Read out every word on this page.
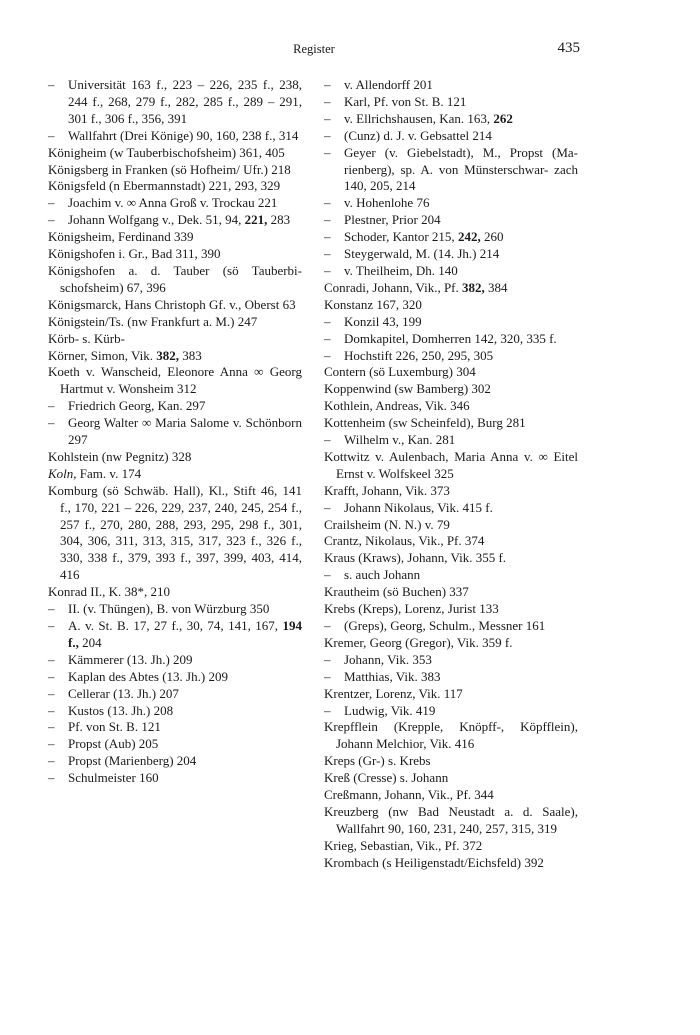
Register	435
–	Universität 163 f., 223 – 226, 235 f., 238, 244 f., 268, 279 f., 282, 285 f., 289 – 291, 301 f., 306 f., 356, 391
–	Wallfahrt (Drei Könige) 90, 160, 238 f., 314
Königheim (w Tauberbischofsheim) 361, 405
Königsberg in Franken (sö Hofheim/ Ufr.) 218
Königsfeld (n Ebermannstadt) 221, 293, 329
–	Joachim v. ∞ Anna Groß v. Trockau 221
–	Johann Wolfgang v., Dek. 51, 94, 221, 283
Königsheim, Ferdinand 339
Königshofen i. Gr., Bad 311, 390
Königshofen a. d. Tauber (sö Tauberbi- schofsheim) 67, 396
Königsmarck, Hans Christoph Gf. v., Oberst 63
Königstein/Ts. (nw Frankfurt a. M.) 247
Körb- s. Kürb-
Körner, Simon, Vik. 382, 383
Koeth v. Wanscheid, Eleonore Anna ∞ Georg Hartmut v. Wonsheim 312
–	Friedrich Georg, Kan. 297
–	Georg Walter ∞ Maria Salome v. Schönborn 297
Kohlstein (nw Pegnitz) 328
Koln, Fam. v. 174
Komburg (sö Schwäb. Hall), Kl., Stift 46, 141 f., 170, 221 – 226, 229, 237, 240, 245, 254 f., 257 f., 270, 280, 288, 293, 295, 298 f., 301, 304, 306, 311, 313, 315, 317, 323 f., 326 f., 330, 338 f., 379, 393 f., 397, 399, 403, 414, 416
Konrad II., K. 38*, 210
–	II. (v. Thüngen), B. von Würzburg 350
–	A. v. St. B. 17, 27 f., 30, 74, 141, 167, 194 f., 204
–	Kämmerer (13. Jh.) 209
–	Kaplan des Abtes (13. Jh.) 209
–	Cellerar (13. Jh.) 207
–	Kustos (13. Jh.) 208
–	Pf. von St. B. 121
–	Propst (Aub) 205
–	Propst (Marienberg) 204
–	Schulmeister 160
–	v. Allendorff 201
–	Karl, Pf. von St. B. 121
–	v. Ellrichshausen, Kan. 163, 262
–	(Cunz) d. J. v. Gebsattel 214
–	Geyer (v. Giebelstadt), M., Propst (Ma- rienberg), sp. A. von Münsterschwar- zach 140, 205, 214
–	v. Hohenlohe 76
–	Plestner, Prior 204
–	Schoder, Kantor 215, 242, 260
–	Steygerwald, M. (14. Jh.) 214
–	v. Theilheim, Dh. 140
Conradi, Johann, Vik., Pf. 382, 384
Konstanz 167, 320
–	Konzil 43, 199
–	Domkapitel, Domherren 142, 320, 335 f.
–	Hochstift 226, 250, 295, 305
Contern (sö Luxemburg) 304
Koppenwind (sw Bamberg) 302
Kothlein, Andreas, Vik. 346
Kottenheim (sw Scheinfeld), Burg 281
–	Wilhelm v., Kan. 281
Kottwitz v. Aulenbach, Maria Anna v. ∞ Eitel Ernst v. Wolfskeel 325
Krafft, Johann, Vik. 373
–	Johann Nikolaus, Vik. 415 f.
Crailsheim (N. N.) v. 79
Crantz, Nikolaus, Vik., Pf. 374
Kraus (Kraws), Johann, Vik. 355 f.
–	s. auch Johann
Krautheim (sö Buchen) 337
Krebs (Kreps), Lorenz, Jurist 133
–	(Greps), Georg, Schulm., Messner 161
Kremer, Georg (Gregor), Vik. 359 f.
–	Johann, Vik. 353
–	Matthias, Vik. 383
Krentzer, Lorenz, Vik. 117
–	Ludwig, Vik. 419
Krepfflein (Krepple, Knöpff-, Köpfflein), Johann Melchior, Vik. 416
Kreps (Gr-) s. Krebs
Kreß (Cresse) s. Johann
Creßmann, Johann, Vik., Pf. 344
Kreuzberg (nw Bad Neustadt a. d. Saale), Wallfahrt 90, 160, 231, 240, 257, 315, 319
Krieg, Sebastian, Vik., Pf. 372
Krombach (s Heiligenstadt/Eichsfeld) 392
